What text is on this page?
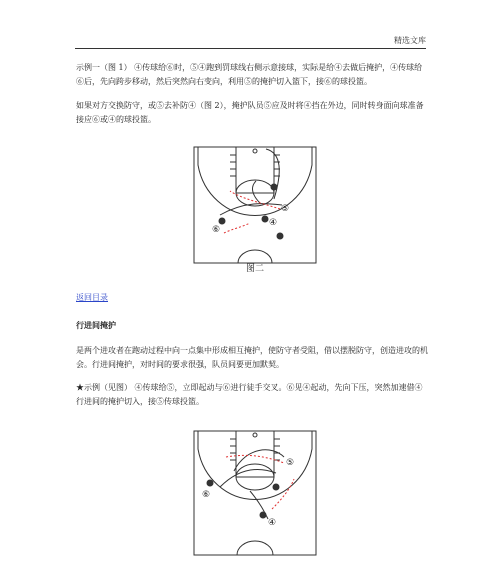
精选文库

示例一（图 1） ④传球给⑥时，⑤④跑到罚球线右侧示意接球，实际是给④去做后掩护，④传球给⑥后，先向跨步移动，然后突然向右变向，利用⑤的掩护切入篮下，接⑥的球投篮。

如果对方交换防守，或⑤去补防④（图 2），掩护队员⑤应及时将④挡在外边，同时转身面向球准备接应⑥或④的球投篮。

⑤
④
⑥
图二
返回目录
行进间掩护

是两个进攻者在跑动过程中向一点集中形成相互掩护，使防守者受阻，借以摆脱防守，创造进攻的机会。行进间掩护，对时间的要求很强，队员间要更加默契。

★示例（见图） ④传球给⑤，立即起动与⑥进行徒手交叉。⑥见④起动，先向下压，突然加速借④行进间的掩护切入，接⑤传球投篮。

⑤
⑥
④
